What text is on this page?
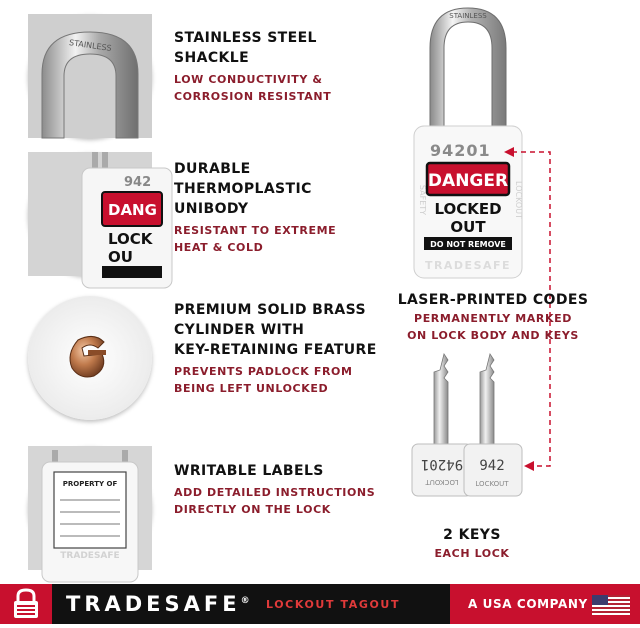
STAINLESS	STAINLESS STEEL
SHACKLE
LOW CONDUCTIVITY &
CORROSION RESISTANT
942
DANG
LOCK
OU
DURABLE
THERMOPLASTIC
UNIBODY
RESISTANT TO EXTREME
HEAT & COLD
PREMIUM SOLID BRASS
CYLINDER WITH
KEY-RETAINING FEATURE
PREVENTS PADLOCK FROM
BEING LEFT UNLOCKED
PROPERTY OF
TRADESAFE
WRITABLE LABELS
ADD DETAILED INSTRUCTIONS
DIRECTLY ON THE LOCK
STAINLESS
94201
SAFETY	LOCKOUT
DANGER
LOCKED
OUT
DO NOT REMOVE
TRADESAFE
94201
LOCKOUT
942
LOCKOUT
LASER-PRINTED CODES
PERMANENTLY MARKED
ON LOCK BODY AND KEYS
2 KEYS
EACH LOCK
TRADESAFE® LOCKOUT TAGOUT	A USA COMPANY
